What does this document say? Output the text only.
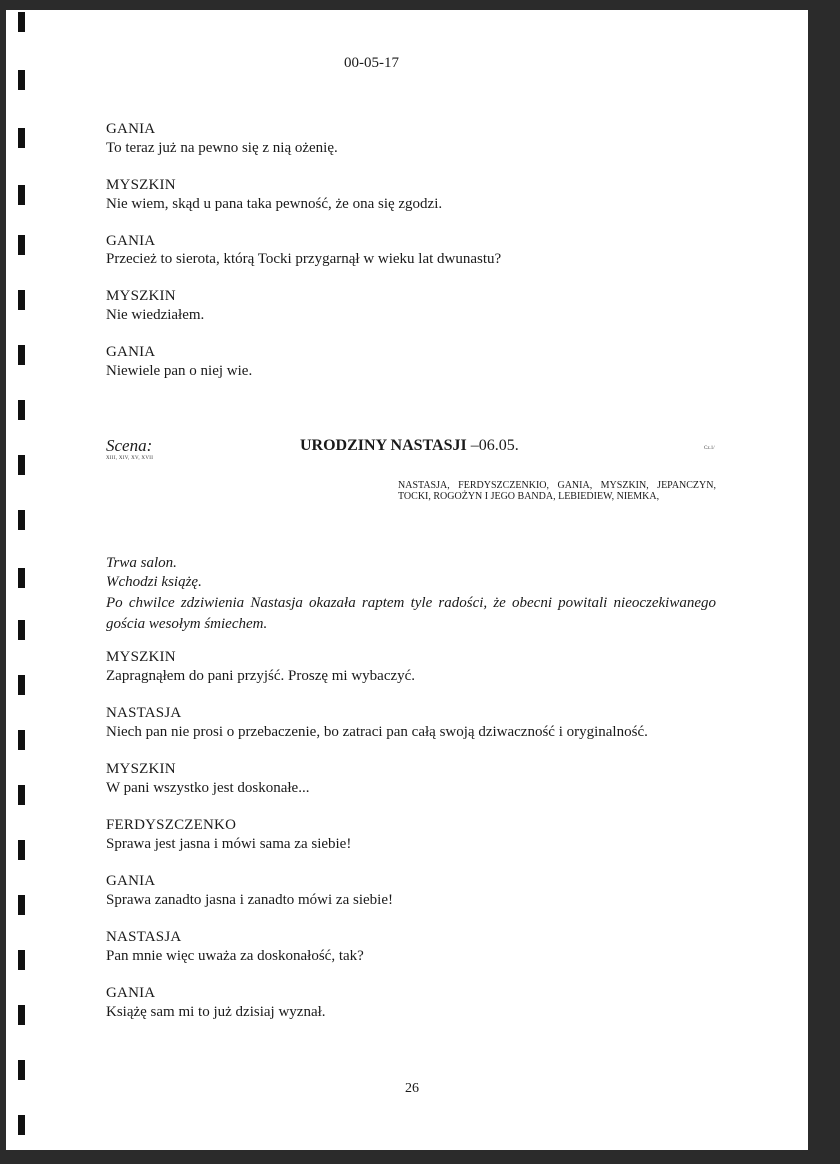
00-05-17
GANIA
To teraz już na pewno się z nią ożenię.
MYSZKIN
Nie wiem, skąd u pana taka pewność, że ona się zgodzi.
GANIA
Przecież to sierota, którą Tocki przygarnął w wieku lat dwunastu?
MYSZKIN
Nie wiedziałem.
GANIA
Niewiele pan o niej wie.
Scena:
XIII, XIV, XV, XVII
URODZINY NASTASJI –06.05.	Cz.1/
NASTASJA, FERDYSZCZENKIO, GANIA, MYSZKIN, JEPANCZYN, TOCKI, ROGOŻYN I JEGO BANDA, LEBIEDIEW, NIEMKA,
Trwa salon.
Wchodzi książę.
Po chwilce zdziwienia Nastasja okazała raptem tyle radości, że obecni powitali nieoczekiwanego gościa wesołym śmiechem.
MYSZKIN
Zapragnąłem do pani przyjść. Proszę mi wybaczyć.
NASTASJA
Niech pan nie prosi o przebaczenie, bo zatraci pan całą swoją dziwaczność i oryginalność.
MYSZKIN
W pani wszystko jest doskonałe...
FERDYSZCZENKO
Sprawa jest jasna i mówi sama za siebie!
GANIA
Sprawa zanadto jasna i zanadto mówi za siebie!
NASTASJA
Pan mnie więc uważa za doskonałość, tak?
GANIA
Książę sam mi to już dzisiaj wyznał.
26
